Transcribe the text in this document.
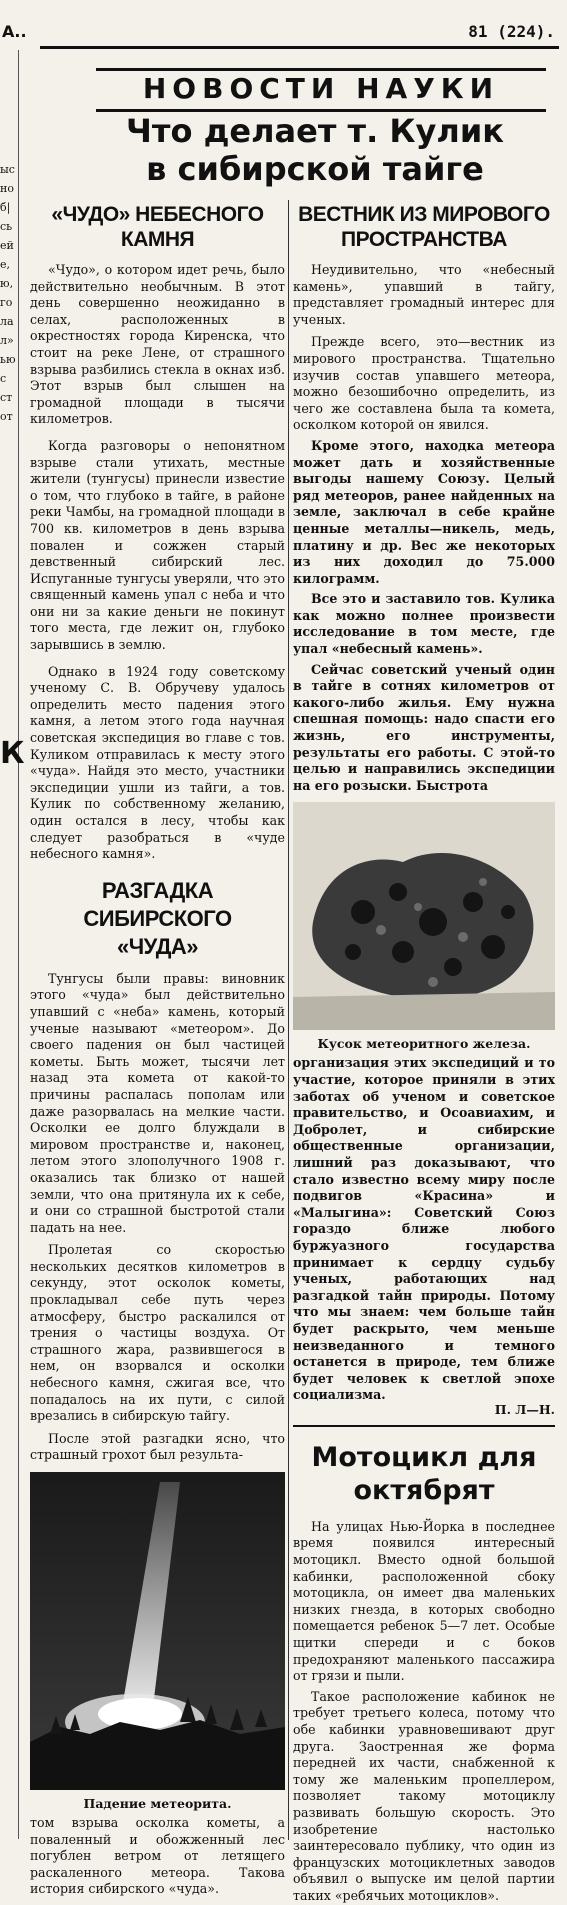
А..	81 (224).
ыс
но
б|
сь
ей
е,
ю,
го
ла
л»
ью
с
ст
от
К
НОВОСТИ НАУКИ
Что делает т. Кулик
в сибирской тайге
«ЧУДО» НЕБЕСНОГО КАМНЯ

«Чудо», о котором идет речь, было действительно необычным. В этот день совершенно неожиданно в селах, расположенных в окрестностях города Киренска, что стоит на реке Лене, от страшного взрыва разбились стекла в окнах изб. Этот взрыв был слышен на громадной площади в тысячи километров.

Когда разговоры о непонятном взрыве стали утихать, местные жители (тунгусы) принесли известие о том, что глубоко в тайге, в районе реки Чамбы, на громадной площади в 700 кв. километров в день взрыва повален и сожжен старый девственный сибирский лес. Испуганные тунгусы уверяли, что это священный камень упал с неба и что они ни за какие деньги не покинут того места, где лежит он, глубоко зарывшись в землю.

Однако в 1924 году советскому ученому С. В. Обручеву удалось определить место падения этого камня, а летом этого года научная советская экспедиция во главе с тов. Куликом отправилась к месту этого «чуда». Найдя это место, участники экспедиции ушли из тайги, а тов. Кулик по собственному желанию, один остался в лесу, чтобы как следует разобраться в «чуде небесного камня».

РАЗГАДКА СИБИРСКОГО
«ЧУДА»

Тунгусы были правы: виновник этого «чуда» был действительно упавший с «неба» камень, который ученые называют «метеором». До своего падения он был частицей кометы. Быть может, тысячи лет назад эта комета от какой-то причины распалась пополам или даже разорвалась на мелкие части. Осколки ее долго блуждали в мировом пространстве и, наконец, летом этого злополучного 1908 г. оказались так близко от нашей земли, что она притянула их к себе, и они со страшной быстротой стали падать на нее.

Пролетая со скоростью нескольких десятков километров в секунду, этот осколок кометы, прокладывал себе путь через атмосферу, быстро раскалился от трения о частицы воздуха. От страшного жара, развившегося в нем, он взорвался и осколки небесного камня, сжигая все, что попадалось на их пути, с силой врезались в сибирскую тайгу.

После этой разгадки ясно, что страшный грохот был результа-

Падение метеорита.

том взрыва осколка кометы, а поваленный и обожженный лес погублен ветром от летящего раскаленного метеора. Такова история сибирского «чуда».

ВЕСТНИК ИЗ МИРОВОГО
ПРОСТРАНСТВА

Неудивительно, что «небесный камень», упавший в тайгу, представляет громадный интерес для ученых.

Прежде всего, это—вестник из мирового пространства. Тщательно изучив состав упавшего метеора, можно безошибочно определить, из чего же составлена была та комета, осколком которой он явился.

Кроме этого, находка метеора может дать и хозяйственные выгоды нашему Союзу. Целый ряд метеоров, ранее найденных на земле, заключал в себе крайне ценные металлы—никель, медь, платину и др. Вес же некоторых из них доходил до 75.000 килограмм.

Все это и заставило тов. Кулика как можно полнее произвести исследование в том месте, где упал «небесный камень».

Сейчас советский ученый один в тайге в сотнях километров от какого-либо жилья. Ему нужна спешная помощь: надо спасти его жизнь, его инструменты, результаты его работы. С этой-то целью и направились экспедиции на его розыски. Быстрота

Кусок метеоритного железа.

организация этих экспедиций и то участие, которое приняли в этих заботах об ученом и советское правительство, и Осоавиахим, и Добролет, и сибирские общественные организации, лишний раз доказывают, что стало известно всему миру после подвигов «Красина» и «Малыгина»: Советский Союз гораздо ближе любого буржуазного государства принимает к сердцу судьбу ученых, работающих над разгадкой тайн природы. Потому что мы знаем: чем больше тайн будет раскрыто, чем меньше неизведанного и темного останется в природе, тем ближе будет человек к светлой эпохе социализма.

П. Л—Н.
Мотоцикл для
октябрят

На улицах Нью-Йорка в последнее время появился интересный мотоцикл. Вместо одной большой кабинки, расположенной сбоку мотоцикла, он имеет два маленьких низких гнезда, в которых свободно помещается ребенок 5—7 лет. Особые щитки спереди и с боков предохраняют маленького пассажира от грязи и пыли.

Такое расположение кабинок не требует третьего колеса, потому что обе кабинки уравновешивают друг друга. Заостренная же форма передней их части, снабженной к тому же маленьким пропеллером, позволяет такому мотоциклу развивать большую скорость. Это изобретение настолько заинтересовало публику, что один из французских мотоциклетных заводов объявил о выпуске им целой партии таких «ребячьих мотоциклов».
